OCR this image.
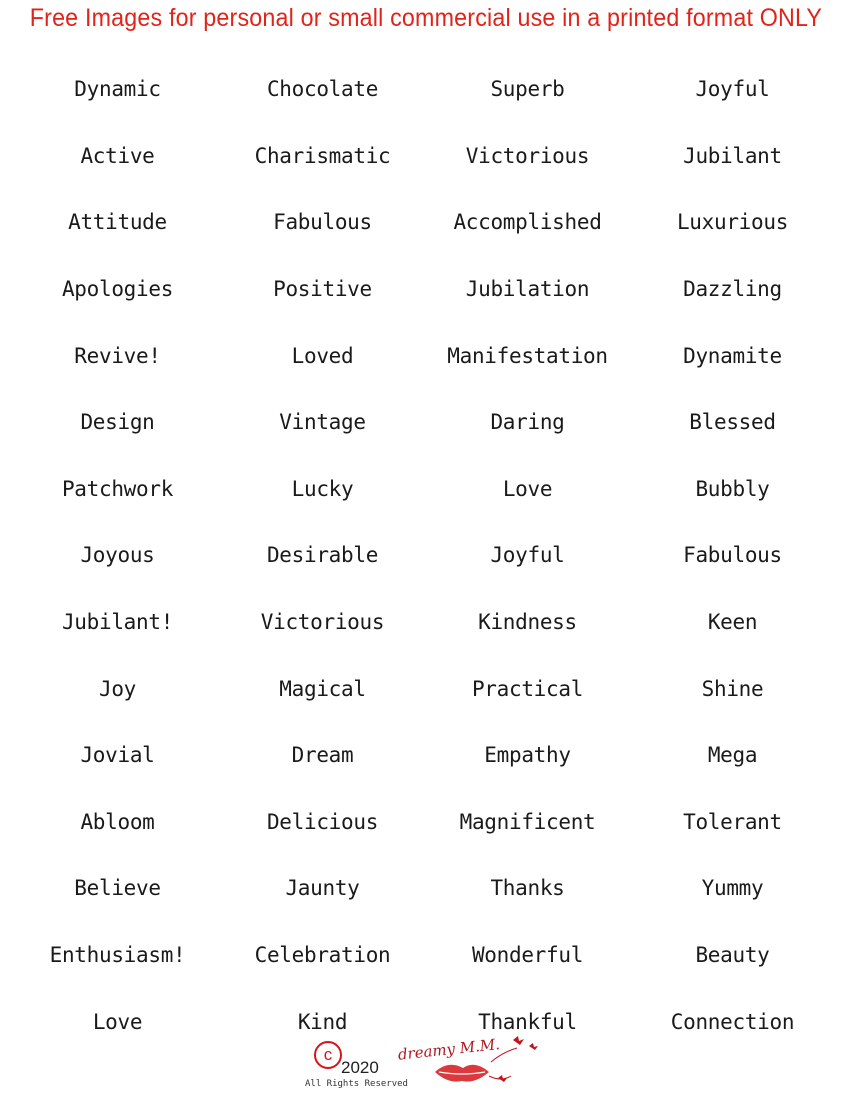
Free Images for personal or small commercial use in a printed format ONLY
Dynamic	Chocolate	Superb	Joyful
Active	Charismatic	Victorious	Jubilant
Attitude	Fabulous	Accomplished	Luxurious
Apologies	Positive	Jubilation	Dazzling
Revive!	Loved	Manifestation	Dynamite
Design	Vintage	Daring	Blessed
Patchwork	Lucky	Love	Bubbly
Joyous	Desirable	Joyful	Fabulous
Jubilant!	Victorious	Kindness	Keen
Joy	Magical	Practical	Shine
Jovial	Dream	Empathy	Mega
Abloom	Delicious	Magnificent	Tolerant
Believe	Jaunty	Thanks	Yummy
Enthusiasm!	Celebration	Wonderful	Beauty
Love	Kind	Thankful	Connection
c
2020
All Rights Reserved
dreamy M.M.
